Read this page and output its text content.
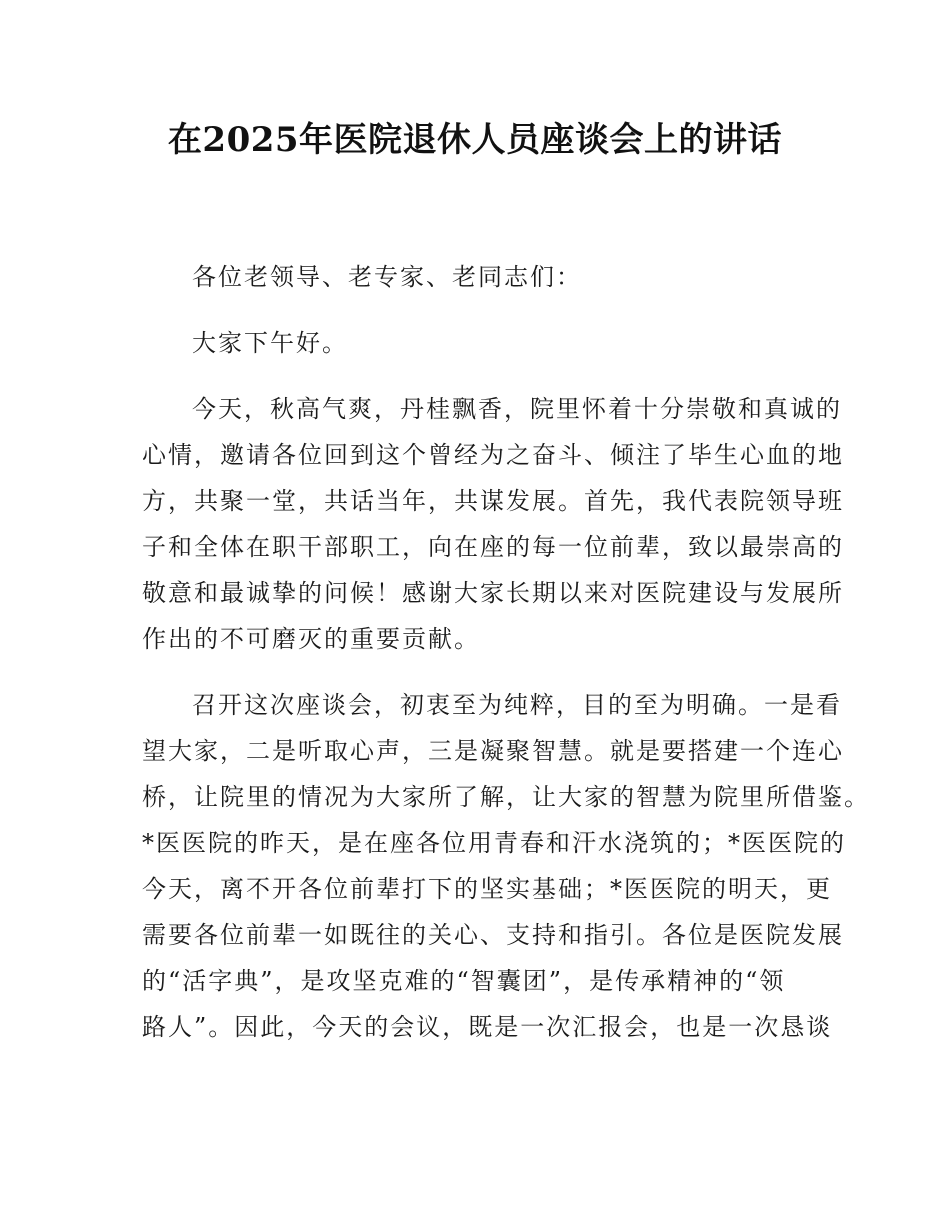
在2025年医院退休人员座谈会上的讲话
各位老领导、老专家、老同志们：
大家下午好。
今天，秋高气爽，丹桂飘香，院里怀着十分崇敬和真诚的
心情，邀请各位回到这个曾经为之奋斗、倾注了毕生心血的地
方，共聚一堂，共话当年，共谋发展。首先，我代表院领导班
子和全体在职干部职工，向在座的每一位前辈，致以最崇高的
敬意和最诚挚的问候！感谢大家长期以来对医院建设与发展所
作出的不可磨灭的重要贡献。
召开这次座谈会，初衷至为纯粹，目的至为明确。一是看
望大家，二是听取心声，三是凝聚智慧。就是要搭建一个连心
桥，让院里的情况为大家所了解，让大家的智慧为院里所借鉴。
*医医院的昨天，是在座各位用青春和汗水浇筑的；*医医院的
今天，离不开各位前辈打下的坚实基础；*医医院的明天，更
需要各位前辈一如既往的关心、支持和指引。各位是医院发展
的“活字典”，是攻坚克难的“智囊团”，是传承精神的“领
路人”。因此，今天的会议，既是一次汇报会，也是一次恳谈
